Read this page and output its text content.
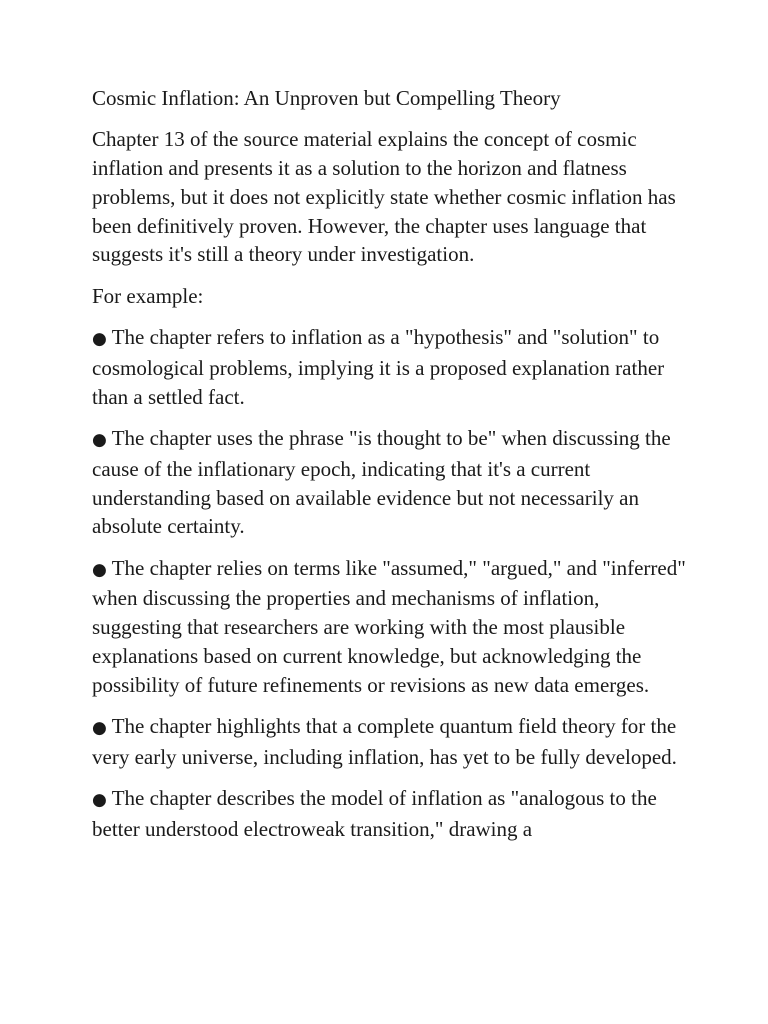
Cosmic Inflation: An Unproven but Compelling Theory

Chapter 13 of the source material explains the concept of cosmic inflation and presents it as a solution to the horizon and flatness problems, but it does not explicitly state whether cosmic inflation has been definitively proven. However, the chapter uses language that suggests it's still a theory under investigation.

For example:

● The chapter refers to inflation as a "hypothesis" and "solution" to cosmological problems, implying it is a proposed explanation rather than a settled fact.

● The chapter uses the phrase "is thought to be" when discussing the cause of the inflationary epoch, indicating that it's a current understanding based on available evidence but not necessarily an absolute certainty.

● The chapter relies on terms like "assumed," "argued," and "inferred" when discussing the properties and mechanisms of inflation, suggesting that researchers are working with the most plausible explanations based on current knowledge, but acknowledging the possibility of future refinements or revisions as new data emerges.

● The chapter highlights that a complete quantum field theory for the very early universe, including inflation, has yet to be fully developed.

● The chapter describes the model of inflation as "analogous to the better understood electroweak transition," drawing a
